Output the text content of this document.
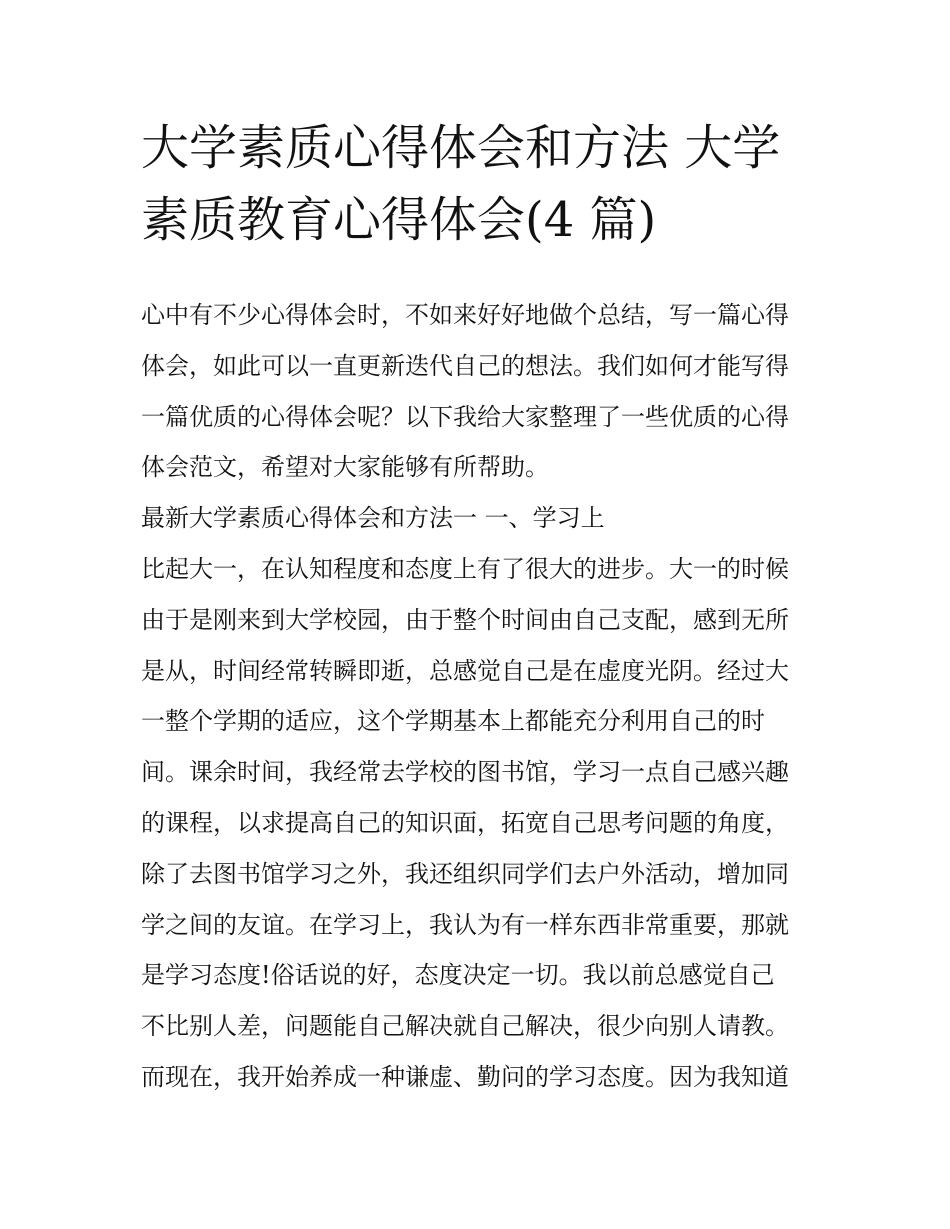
大学素质心得体会和方法 大学
素质教育心得体会(4 篇)
心中有不少心得体会时，不如来好好地做个总结，写一篇心得
体会，如此可以一直更新迭代自己的想法。我们如何才能写得
一篇优质的心得体会呢？以下我给大家整理了一些优质的心得
体会范文，希望对大家能够有所帮助。
最新大学素质心得体会和方法一 一、学习上
比起大一，在认知程度和态度上有了很大的进步。大一的时候
由于是刚来到大学校园，由于整个时间由自己支配，感到无所
是从，时间经常转瞬即逝，总感觉自己是在虚度光阴。经过大
一整个学期的适应，这个学期基本上都能充分利用自己的时
间。课余时间，我经常去学校的图书馆，学习一点自己感兴趣
的课程，以求提高自己的知识面，拓宽自己思考问题的角度，
除了去图书馆学习之外，我还组织同学们去户外活动，增加同
学之间的友谊。在学习上，我认为有一样东西非常重要，那就
是学习态度!俗话说的好，态度决定一切。我以前总感觉自己
不比别人差，问题能自己解决就自己解决，很少向别人请教。
而现在，我开始养成一种谦虚、勤问的学习态度。因为我知道
